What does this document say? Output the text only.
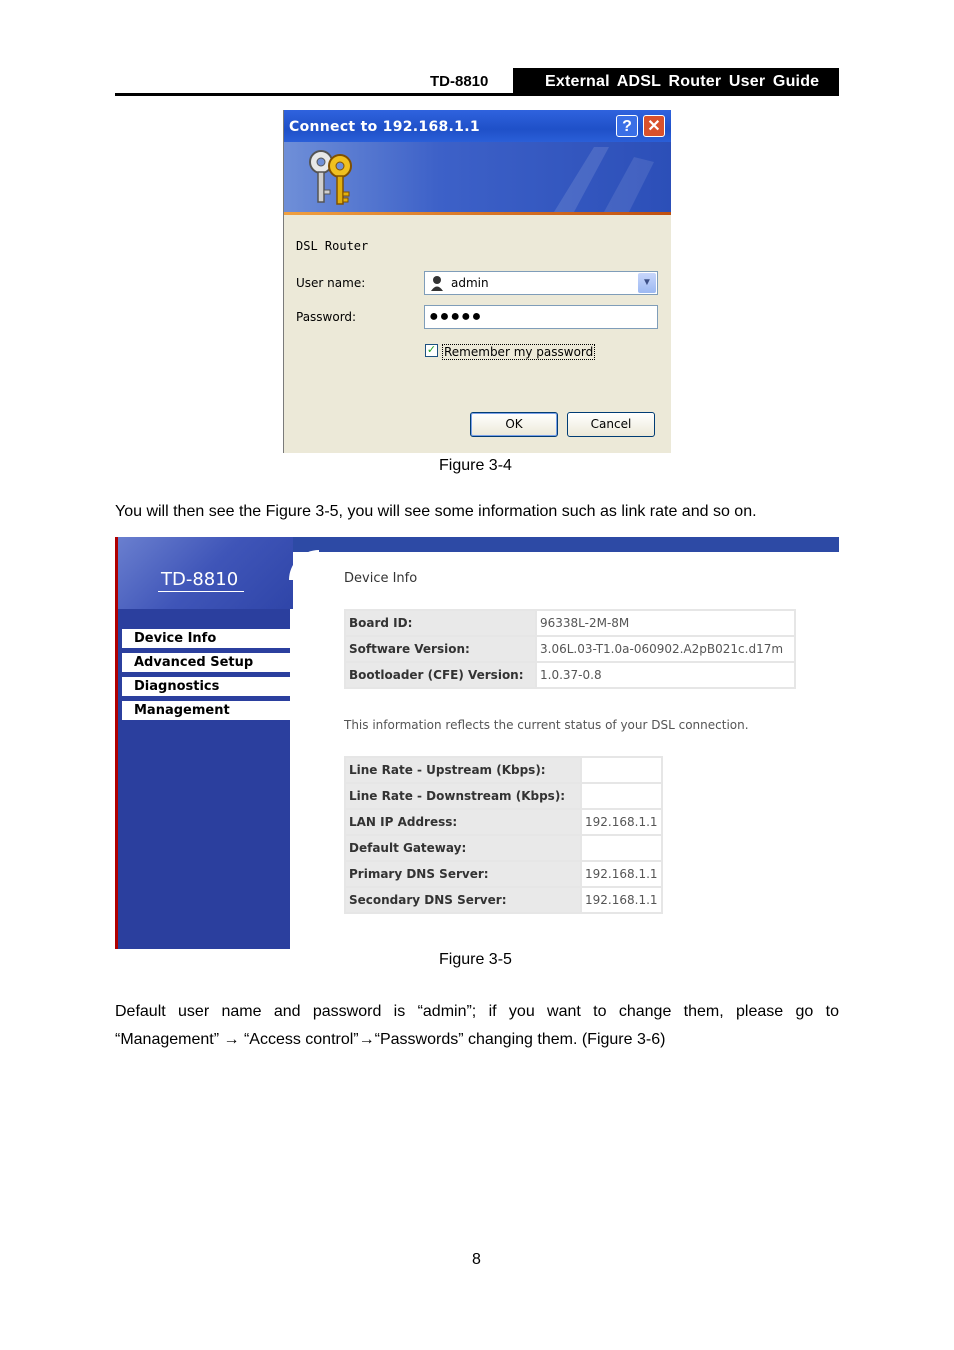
TD-8810	External ADSL Router User Guide
Connect to 192.168.1.1	? ✕
DSL Router
User name:	admin	▼
Password:	●●●●●
✓ Remember my password
OK	Cancel
Figure 3-4
You will then see the Figure 3-5, you will see some information such as link rate and so on.
TD-8810
Device Info
Advanced Setup
Diagnostics
Management
Device Info
Board ID:	96338L-2M-8M
Software Version:	3.06L.03-T1.0a-060902.A2pB021c.d17m
Bootloader (CFE) Version:	1.0.37-0.8
This information reflects the current status of your DSL connection.
Line Rate - Upstream (Kbps):	
Line Rate - Downstream (Kbps):	
LAN IP Address:	192.168.1.1
Default Gateway:	
Primary DNS Server:	192.168.1.1
Secondary DNS Server:	192.168.1.1
Figure 3-5
Default user name and password is “admin”; if you want to change them, please go to
“Management” → “Access control”→“Passwords” changing them. (Figure 3-6)
8
